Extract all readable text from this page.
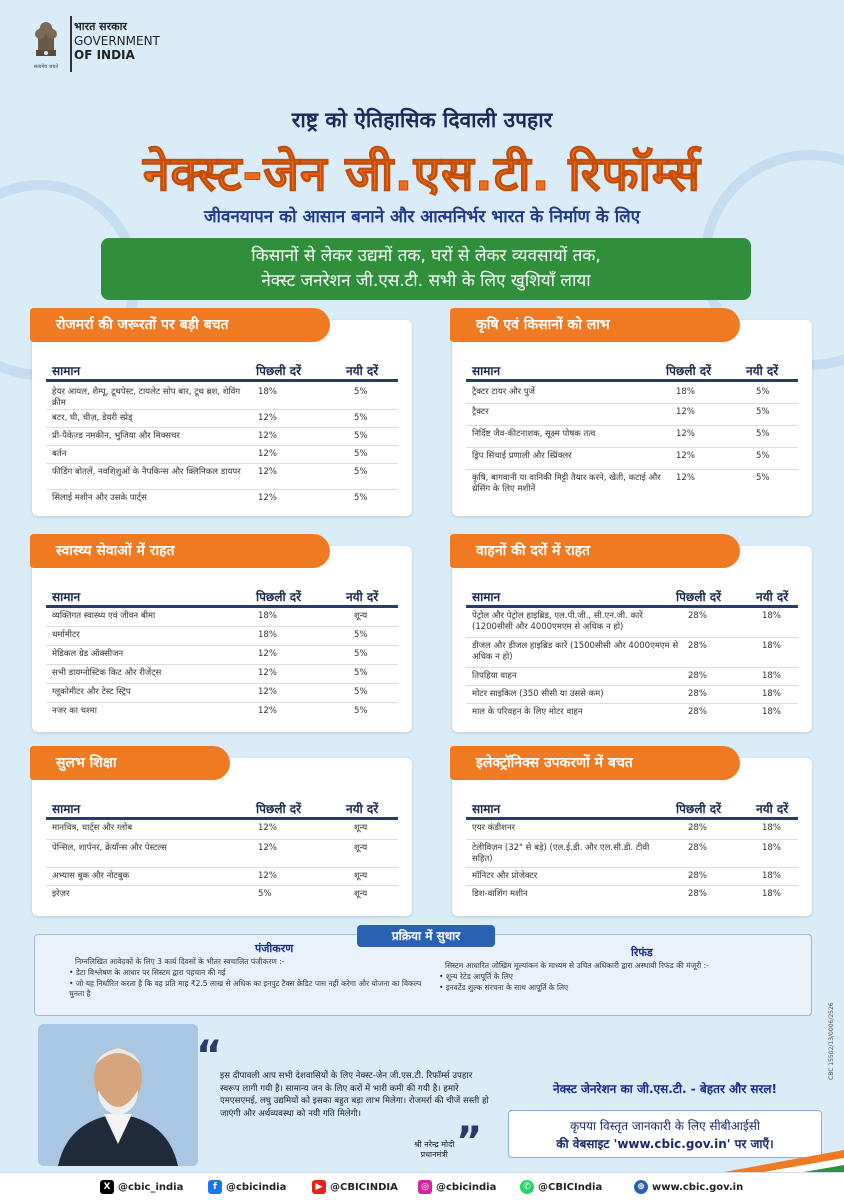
सत्यमेव जयते
भारत सरकार
GOVERNMENT
OF INDIA
राष्ट्र को ऐतिहासिक दिवाली उपहार
नेक्स्ट-जेन जी.एस.टी. रिफॉर्म्स
जीवनयापन को आसान बनाने और आत्मनिर्भर भारत के निर्माण के लिए
किसानों से लेकर उद्यमों तक, घरों से लेकर व्यवसायों तक,
नेक्स्ट जनरेशन जी.एस.टी. सभी के लिए खुशियाँ लाया
रोजमर्रा की जरूरतों पर बड़ी बचत
सामान	पिछली दरें	नयी दरें
हेयर आयल, शैम्पू, टूथपेस्ट, टायलेट सोप बार, टूथ ब्रश, शेविंग क्रीम
18%	5%
बटर, घी, चीज़, डेयरी स्प्रेड्	12%	5%
प्री-पैकेज्ड नमकीन, भुजिया और मिक्सचर	12%	5%
बर्तन	12%	5%
फीडिंग बोतलें, नवशिशुओं के नैपकिन्स और क्लिनिकल डायपर	12%	5%
सिलाई मशीन और उसके पार्ट्स	12%	5%
कृषि एवं किसानों को लाभ
सामान	पिछली दरें	नयी दरें
ट्रैक्टर टायर और पुर्जे	18%	5%
ट्रैक्टर	12%	5%
निर्दिष्ट जैव-कीटनाशक, सूक्ष्म पोषक तत्व	12%	5%
ड्रिप सिंचाई प्रणाली और स्प्रिंक्लर	12%	5%
कृषि, बागवानी या वानिकी मिट्टी तैयार करने, खेती, कटाई और थ्रेसिंग के लिए मशीनें
12%	5%
स्वास्थ्य सेवाओं में राहत
सामान	पिछली दरें	नयी दरें
व्यक्तिगत स्वास्थ्य एवं जीवन बीमा	18%	शून्य
थर्मामीटर	18%	5%
मेडिकल ग्रेड ऑक्सीजन	12%	5%
सभी डायग्नोस्टिक किट और रीजेंट्स	12%	5%
ग्लूकोमीटर और टेस्ट स्ट्रिप	12%	5%
नजर का चश्मा	12%	5%
वाहनों की दरों में राहत
सामान	पिछली दरें	नयी दरें
पेट्रोल और पेट्रोल हाइब्रिड, एल.पी.जी., सी.एन.जी. कारें (1200सीसी और 4000एमएम से अधिक न हो)
28%	18%
डीजल और डीजल हाइब्रिड कारें (1500सीसी और 4000एमएम से अधिक न हो)
28%	18%
तिपहिया वाहन	28%	18%
मोटर साइकिल (350 सीसी या उससे कम)	28%	18%
माल के परिवहन के लिए मोटर वाहन	28%	18%
सुलभ शिक्षा
सामान	पिछली दरें	नयी दरें
मानचित्र, चार्ट्स और ग्लोब	12%	शून्य
पेन्सिल, शार्पनर, क्रेयॉन्स और पेस्टल्स	12%	शून्य
अभ्यास बुक और नोटबुक	12%	शून्य
इरेज़र	5%	शून्य
इलेक्ट्रॉनिक्स उपकरणों में बचत
सामान	पिछली दरें	नयी दरें
एयर कंडीशनर	28%	18%
टेलीविज़न (32" से बड़े) (एल.ई.डी. और एल.सी.डी. टीवी सहित)
28%	18%
मॉनिटर और प्रोजेक्टर	28%	18%
डिश-वाशिंग मशीन	28%	18%
प्रक्रिया में सुधार
पंजीकरण

निम्नलिखित आवेदकों के लिए 3 कार्य दिवसों के भीतर स्वचालित पंजीकरण :-

• डेटा विश्लेषण के आधार पर सिस्टम द्वारा पहचान की गई

• जो यह निर्धारित करता है कि वह प्रति माह ₹2.5 लाख से अधिक का इनपुट टैक्स क्रेडिट पास नहीं करेगा और योजना का विकल्प चुनता है

रिफंड

सिस्टम आधारित जोखिम मूल्यांकन के माध्यम से उचित अधिकारी द्वारा अस्थायी रिफंड की मंजूरी :-

• शून्य रेटेड आपूर्ति के लिए

• इनवर्टेड शुल्क संरचना के साथ आपूर्ति के लिए

“
इस दीपावली आप सभी देशवासियों के लिए नेक्स्ट-जेन जी.एस.टी. रिफॉर्म्स उपहार स्वरूप लागी गयी है। सामान्य जन के लिए करों में भारी कमी की गयी है। हमारे एमएसएमई, लघु उद्यमियों को इसका बहुत बड़ा लाभ मिलेगा। रोजमर्रा की चीजें सस्ती हो जाएंगी और अर्थव्यवस्था को नयी गति मिलेगी।
श्री नरेन्द्र मोदी
प्रधानमंत्री ”
नेक्स्ट जेनरेशन का जी.एस.टी. - बेहतर और सरल!
कृपया विस्तृत जानकारी के लिए सीबीआईसी
की वेबसाइट 'www.cbic.gov.in' पर जाएँ।
CBC 15502/13/0006/2526
X @cbic_india	f @cbicindia	▶ @CBICINDIA	◎ @cbicindia	✆ @CBICIndia	⊕ www.cbic.gov.in
